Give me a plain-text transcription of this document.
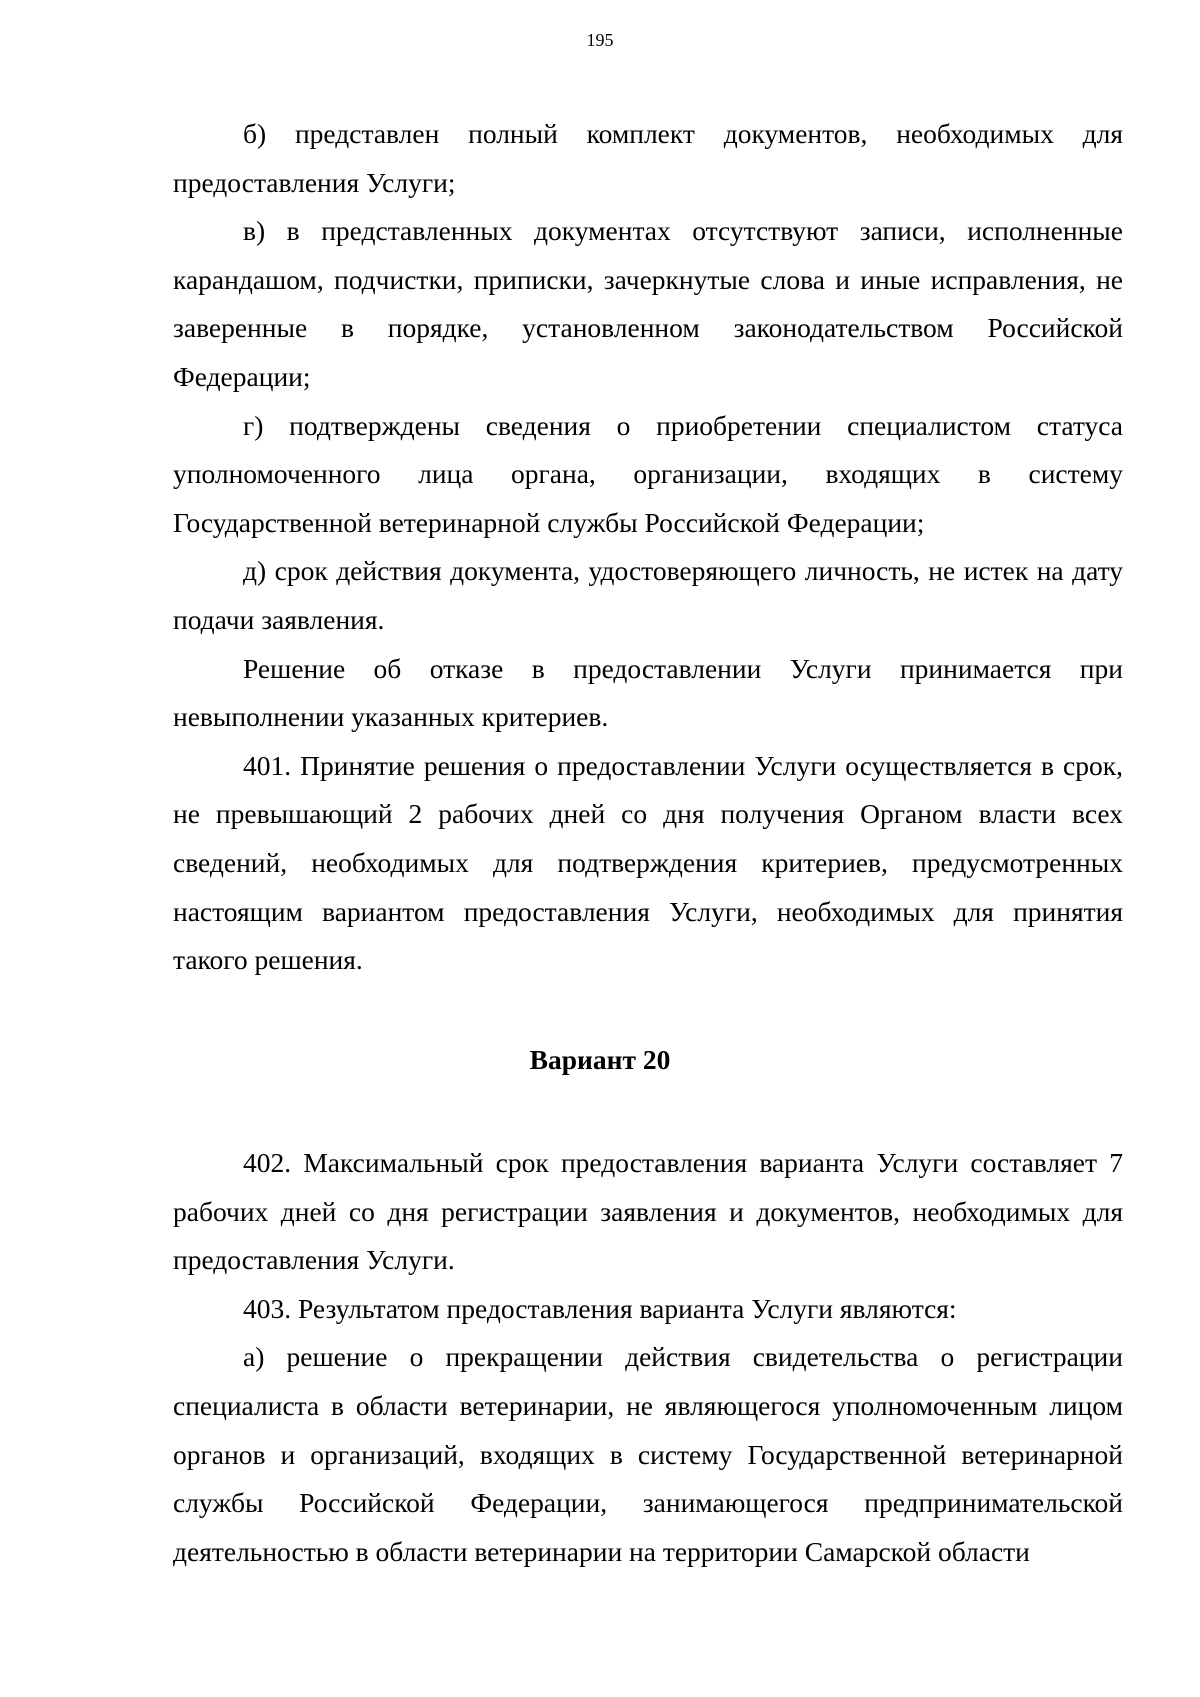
195

б) представлен полный комплект документов, необходимых для предоставления Услуги;

в) в представленных документах отсутствуют записи, исполненные карандашом, подчистки, приписки, зачеркнутые слова и иные исправления, не заверенные в порядке, установленном законодательством Российской Федерации;

г) подтверждены сведения о приобретении специалистом статуса уполномоченного лица органа, организации, входящих в систему Государственной ветеринарной службы Российской Федерации;

д) срок действия документа, удостоверяющего личность, не истек на дату подачи заявления.

Решение об отказе в предоставлении Услуги принимается при невыполнении указанных критериев.

401. Принятие решения о предоставлении Услуги осуществляется в срок, не превышающий 2 рабочих дней со дня получения Органом власти всех сведений, необходимых для подтверждения критериев, предусмотренных настоящим вариантом предоставления Услуги, необходимых для принятия такого решения.

Вариант 20

402. Максимальный срок предоставления варианта Услуги составляет 7 рабочих дней со дня регистрации заявления и документов, необходимых для предоставления Услуги.

403. Результатом предоставления варианта Услуги являются:

а) решение о прекращении действия свидетельства о регистрации специалиста в области ветеринарии, не являющегося уполномоченным лицом органов и организаций, входящих в систему Государственной ветеринарной службы Российской Федерации, занимающегося предпринимательской деятельностью в области ветеринарии на территории Самарской области
